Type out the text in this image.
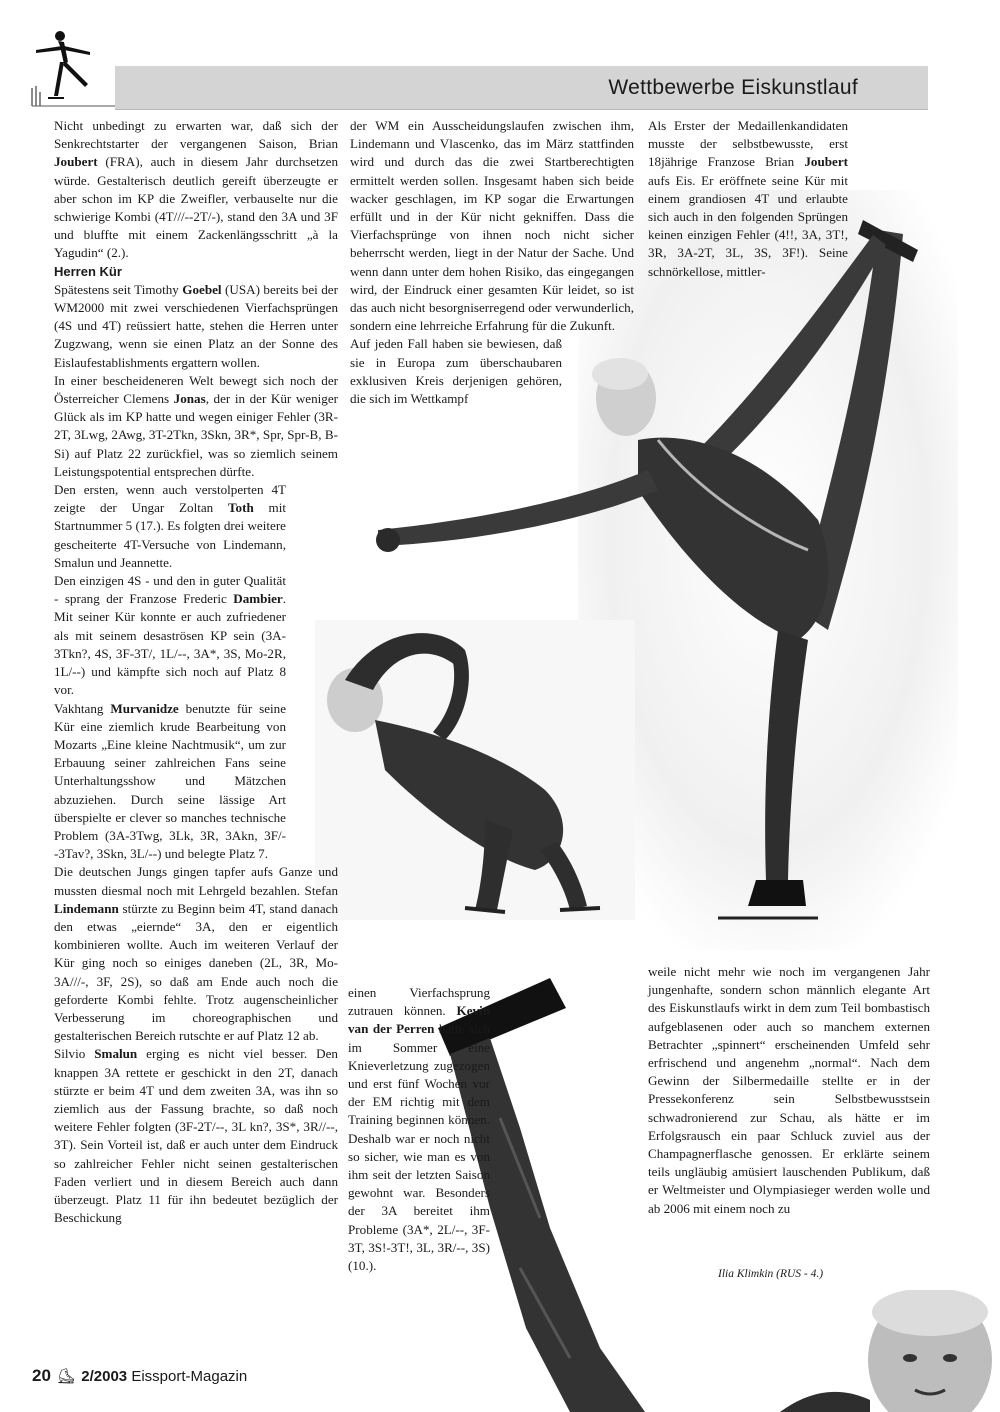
Wettbewerbe Eiskunstlauf

Nicht unbedingt zu erwarten war, daß sich der Senkrechtstarter der vergangenen Saison, Brian Joubert (FRA), auch in diesem Jahr durchsetzen würde. Gestalterisch deutlich gereift überzeugte er aber schon im KP die Zweifler, verbauselte nur die schwierige Kombi (4T///--2T/-), stand den 3A und 3F und bluffte mit einem Zackenlängsschritt „à la Yagudin“ (2.).

Herren Kür

Spätestens seit Timothy Goebel (USA) bereits bei der WM2000 mit zwei verschiedenen Vierfachsprüngen (4S und 4T) reüssiert hatte, stehen die Herren unter Zugzwang, wenn sie einen Platz an der Sonne des Eislaufestablishments ergattern wollen.

In einer bescheideneren Welt bewegt sich noch der Österreicher Clemens Jonas, der in der Kür weniger Glück als im KP hatte und wegen einiger Fehler (3R-2T, 3Lwg, 2Awg, 3T-2Tkn, 3Skn, 3R*, Spr, Spr-B, B-Si) auf Platz 22 zurückfiel, was so ziemlich seinem Leistungspotential entsprechen dürfte.

Den ersten, wenn auch verstolperten 4T zeigte der Ungar Zoltan Toth mit Startnummer 5 (17.). Es folgten drei weitere gescheiterte 4T-Versuche von Lindemann, Smalun und Jeannette.

Den einzigen 4S - und den in guter Qualität - sprang der Franzose Frederic Dambier. Mit seiner Kür konnte er auch zufriedener als mit seinem desaströsen KP sein (3A-3Tkn?, 4S, 3F-3T/, 1L/--, 3A*, 3S, Mo-2R, 1L/--) und kämpfte sich noch auf Platz 8 vor.

Vakhtang Murvanidze benutzte für seine Kür eine ziemlich krude Bearbeitung von Mozarts „Eine kleine Nachtmusik“, um zur Erbauung seiner zahlreichen Fans seine Unterhaltungsshow und Mätzchen abzuziehen. Durch seine lässige Art überspielte er clever so manches technische Problem (3A-3Twg, 3Lk, 3R, 3Akn, 3F/--3Tav?, 3Skn, 3L/--) und belegte Platz 7.

Die deutschen Jungs gingen tapfer aufs Ganze und mussten diesmal noch mit Lehrgeld bezahlen. Stefan Lindemann stürzte zu Beginn beim 4T, stand danach den etwas „eiernde“ 3A, den er eigentlich kombinieren wollte. Auch im weiteren Verlauf der Kür ging noch so einiges daneben (2L, 3R, Mo-3A///-, 3F, 2S), so daß am Ende auch noch die geforderte Kombi fehlte. Trotz augenscheinlicher Verbesserung im choreographischen und gestalterischen Bereich rutschte er auf Platz 12 ab.

Silvio Smalun erging es nicht viel besser. Den knappen 3A rettete er geschickt in den 2T, danach stürzte er beim 4T und dem zweiten 3A, was ihn so ziemlich aus der Fassung brachte, so daß noch weitere Fehler folgten (3F-2T/--, 3L kn?, 3S*, 3R//--, 3T). Sein Vorteil ist, daß er auch unter dem Eindruck so zahlreicher Fehler nicht seinen gestalterischen Faden verliert und in diesem Bereich auch dann überzeugt. Platz 11 für ihn bedeutet bezüglich der Beschickung

der WM ein Ausscheidungslaufen zwischen ihm, Lindemann und Vlascenko, das im März stattfinden wird und durch das die zwei Startberechtigten ermittelt werden sollen. Insgesamt haben sich beide wacker geschlagen, im KP sogar die Erwartungen erfüllt und in der Kür nicht gekniffen. Dass die Vierfachsprünge von ihnen noch nicht sicher beherrscht werden, liegt in der Natur der Sache. Und wenn dann unter dem hohen Risiko, das eingegangen wird, der Eindruck einer gesamten Kür leidet, so ist das auch nicht besorgniserregend oder verwunderlich, sondern eine lehrreiche Erfahrung für die Zukunft.

Auf jeden Fall haben sie bewiesen, daß sie in Europa zum überschaubaren exklusiven Kreis derjenigen gehören, die sich im Wettkampf

einen Vierfachsprung zutrauen können. Kevin van der Perren hatte sich im Sommer eine Knieverletzung zugezogen und erst fünf Wochen vor der EM richtig mit dem Training beginnen können. Deshalb war er noch nicht so sicher, wie man es von ihm seit der letzten Saison gewohnt war. Besonders der 3A bereitet ihm Probleme (3A*, 2L/--, 3F-3T, 3S!-3T!, 3L, 3R/--, 3S) (10.).

Als Erster der Medaillenkandidaten musste der selbstbewusste, erst 18jährige Franzose Brian Joubert aufs Eis. Er eröffnete seine Kür mit einem grandiosen 4T und erlaubte sich auch in den folgenden Sprüngen keinen einzigen Fehler (4!!, 3A, 3T!, 3R, 3A-2T, 3L, 3S, 3F!). Seine schnörkellose, mittler-

weile nicht mehr wie noch im vergangenen Jahr jungenhafte, sondern schon männlich elegante Art des Eiskunstlaufs wirkt in dem zum Teil bombastisch aufgeblasenen oder auch so manchem externen Betrachter „spinnert“ erscheinenden Umfeld sehr erfrischend und angenehm „normal“. Nach dem Gewinn der Silbermedaille stellte er in der Pressekonferenz sein Selbstbewusstsein schwadronierend zur Schau, als hätte er im Erfolgsrausch ein paar Schluck zuviel aus der Champagnerflasche genossen. Er erklärte seinem teils ungläubig amüsiert lauschenden Publikum, daß er Weltmeister und Olympiasieger werden wolle und ab 2006 mit einem noch zu

Ilia Klimkin (RUS - 4.)
20 ⛸ 2/2003 Eissport-Magazin
